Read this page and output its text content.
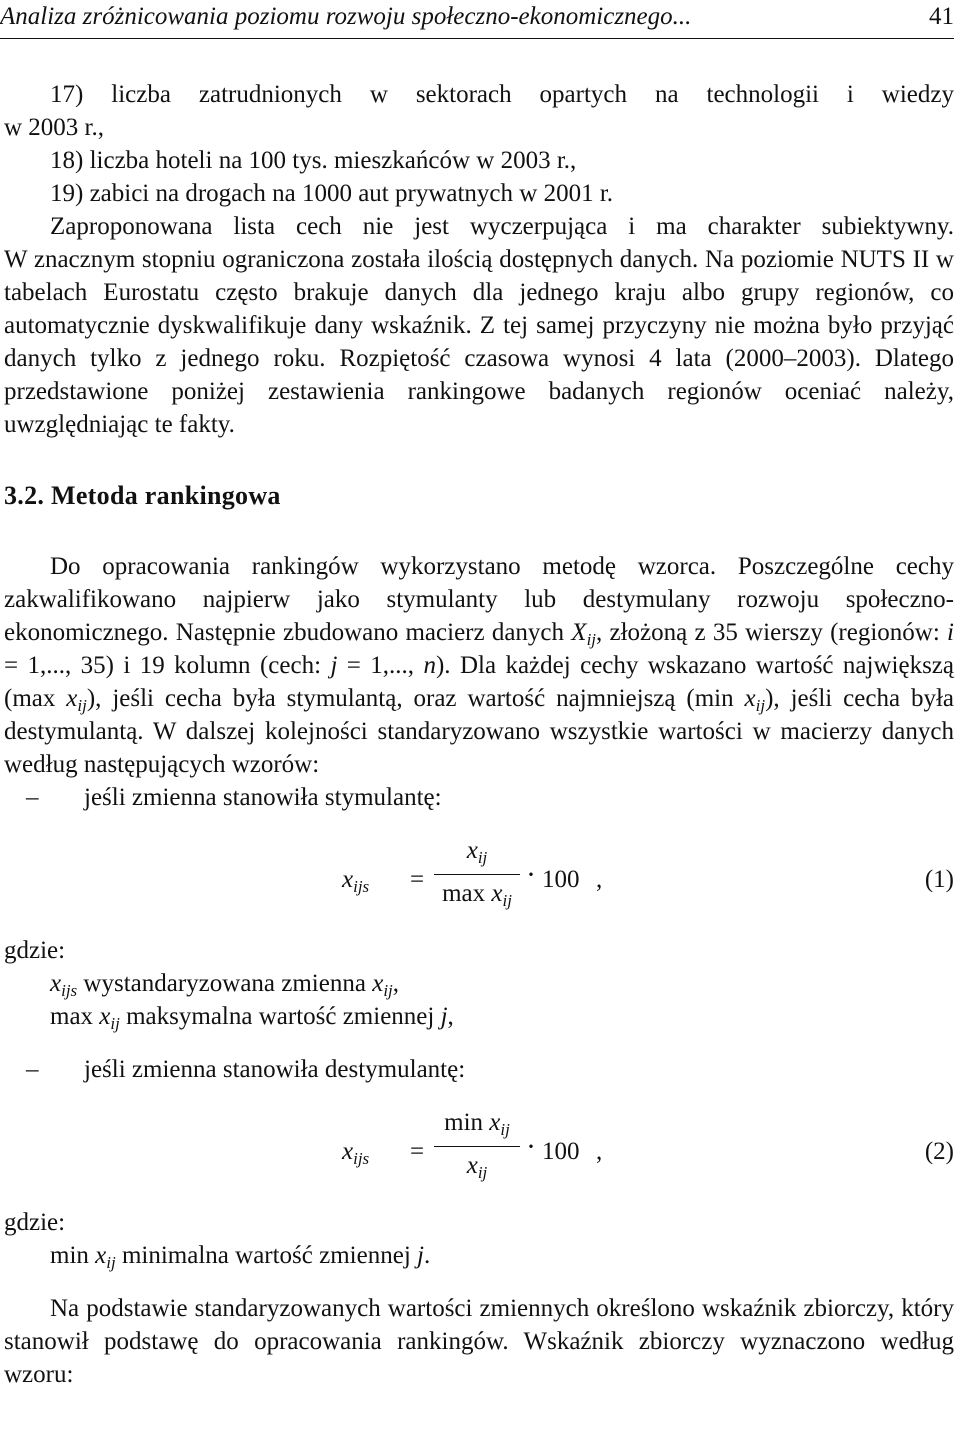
Analiza zróżnicowania poziomu rozwoju społeczno-ekonomicznego...	41

17) liczba zatrudnionych w sektorach opartych na technologii i wiedzy

w 2003 r.,

18) liczba hoteli na 100 tys. mieszkańców w 2003 r.,

19) zabici na drogach na 1000 aut prywatnych w 2001 r.

Zaproponowana lista cech nie jest wyczerpująca i ma charakter subiektywny.

W znacznym stopniu ograniczona została ilością dostępnych danych. Na poziomie NUTS II w tabelach Eurostatu często brakuje danych dla jednego kraju albo grupy regionów, co automatycznie dyskwalifikuje dany wskaźnik. Z tej samej przyczyny nie można było przyjąć danych tylko z jednego roku. Rozpiętość czasowa wynosi 4 lata (2000–2003). Dlatego przedstawione poniżej zestawienia rankingowe badanych regionów oceniać należy, uwzględniając te fakty.

3.2. Metoda rankingowa

Do opracowania rankingów wykorzystano metodę wzorca. Poszczególne cechy zakwalifikowano najpierw jako stymulanty lub destymulany rozwoju społeczno-ekonomicznego. Następnie zbudowano macierz danych $X_{ij}$, złożoną z 35 wierszy (regionów: i = 1,..., 35) i 19 kolumn (cech: j = 1,..., n). Dla każdej cechy wskazano wartość największą (max $x_{ij}$), jeśli cecha była stymulantą, oraz wartość najmniejszą (min $x_{ij}$), jeśli cecha była destymulantą. W dalszej kolejności standaryzowano wszystkie wartości w macierzy danych według następujących wzorów:

– jeśli zmienna stanowiła stymulantę:

$x_{ijs}$ =
$x_{ij}$
$\max x_{ij}$
· 100 ,	(1)

gdzie:

$x_{ijs}$ wystandaryzowana zmienna $x_{ij}$,

$\max x_{ij}$ maksymalna wartość zmiennej j,

– jeśli zmienna stanowiła destymulantę:

$x_{ijs}$ =
$\min x_{ij}$
$x_{ij}$
· 100 ,	(2)

gdzie:

$\min x_{ij}$ minimalna wartość zmiennej j.

Na podstawie standaryzowanych wartości zmiennych określono wskaźnik zbiorczy, który stanowił podstawę do opracowania rankingów. Wskaźnik zbiorczy wyznaczono według wzoru:
